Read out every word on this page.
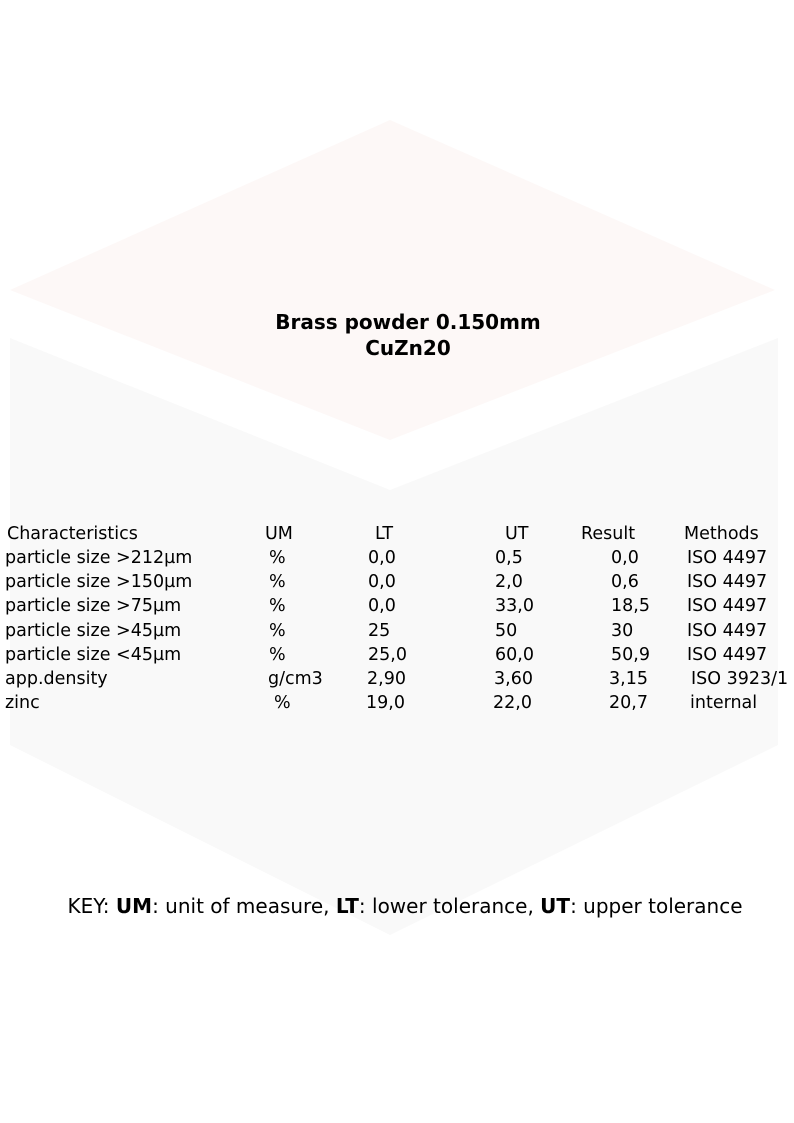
Brass powder 0.150mm
CuZn20
Characteristics	UM	LT	UT	Result	Methods
particle size >212µm	%	0,0	0,5	0,0	ISO 4497
particle size >150µm	%	0,0	2,0	0,6	ISO 4497
particle size >75µm	%	0,0	33,0	18,5 ISO 4497
particle size >45µm	%	25	50	30	ISO 4497
particle size <45µm	%	25,0	60,0	50,9 ISO 4497
app.density	g/cm3	2,90	3,60	3,15 ISO 3923/1
zinc	%	19,0	22,0	20,7 internal
KEY: UM: unit of measure, LT: lower tolerance, UT: upper tolerance
